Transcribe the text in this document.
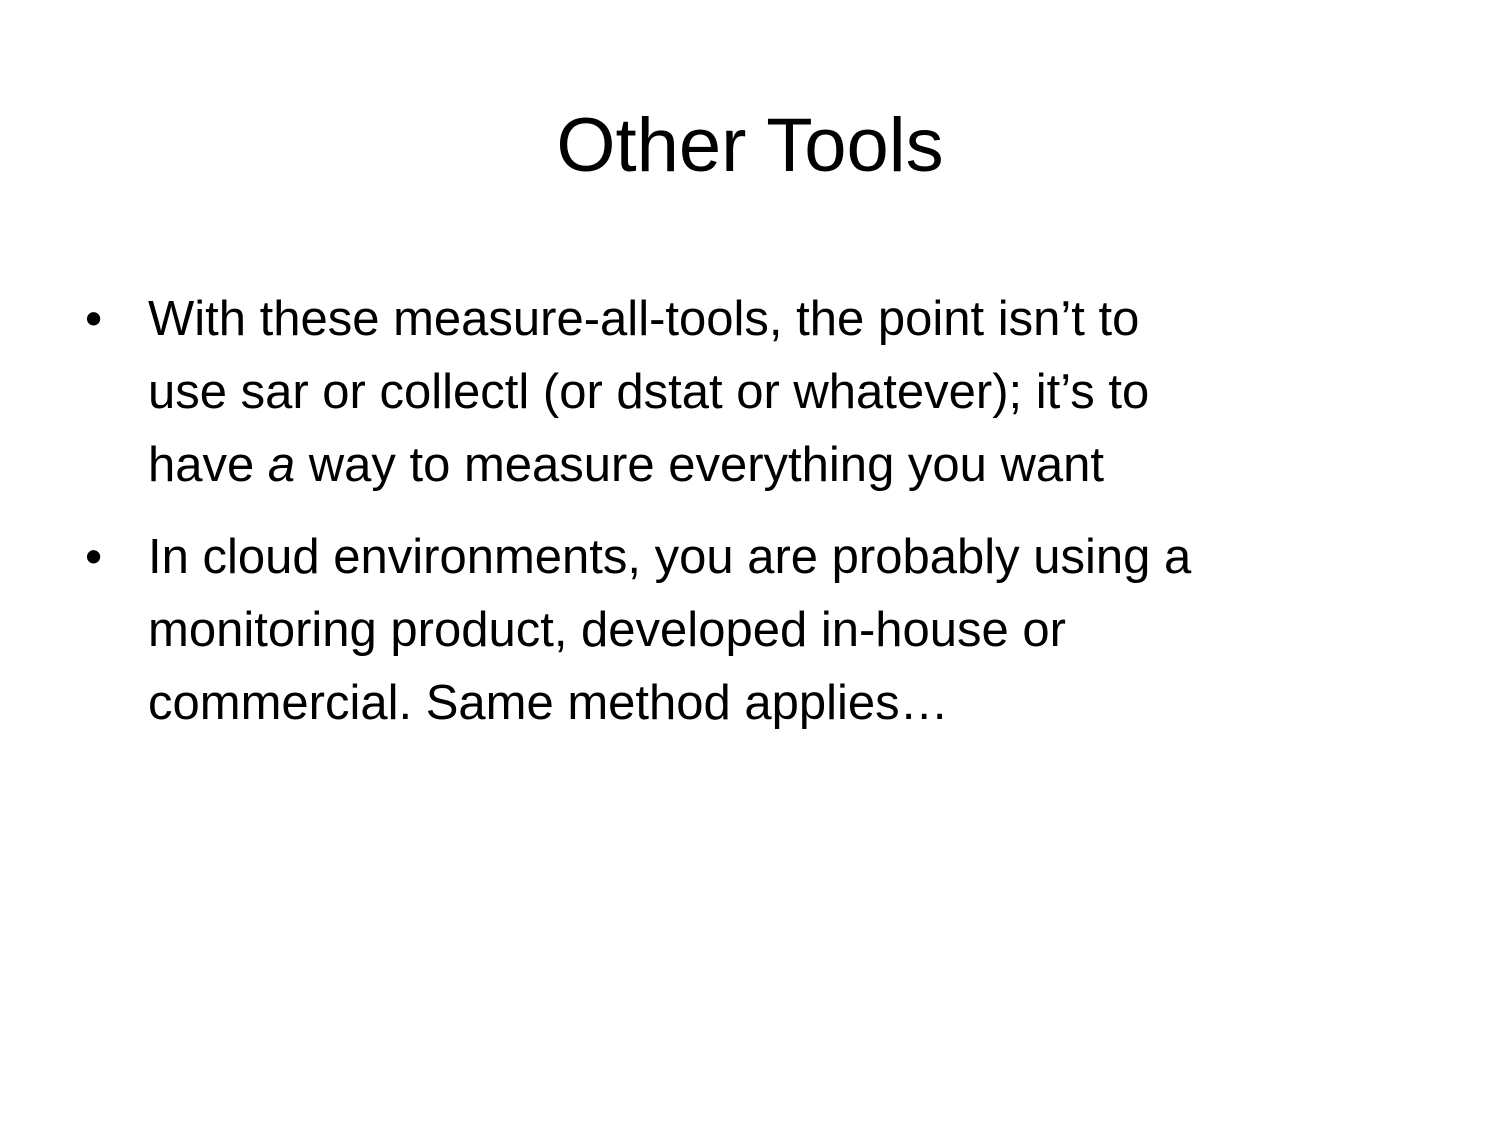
Other Tools
• With these measure-all-tools, the point isn’t to
use sar or collectl (or dstat or whatever); it’s to
have a way to measure everything you want
• In cloud environments, you are probably using a
monitoring product, developed in-house or
commercial. Same method applies…
